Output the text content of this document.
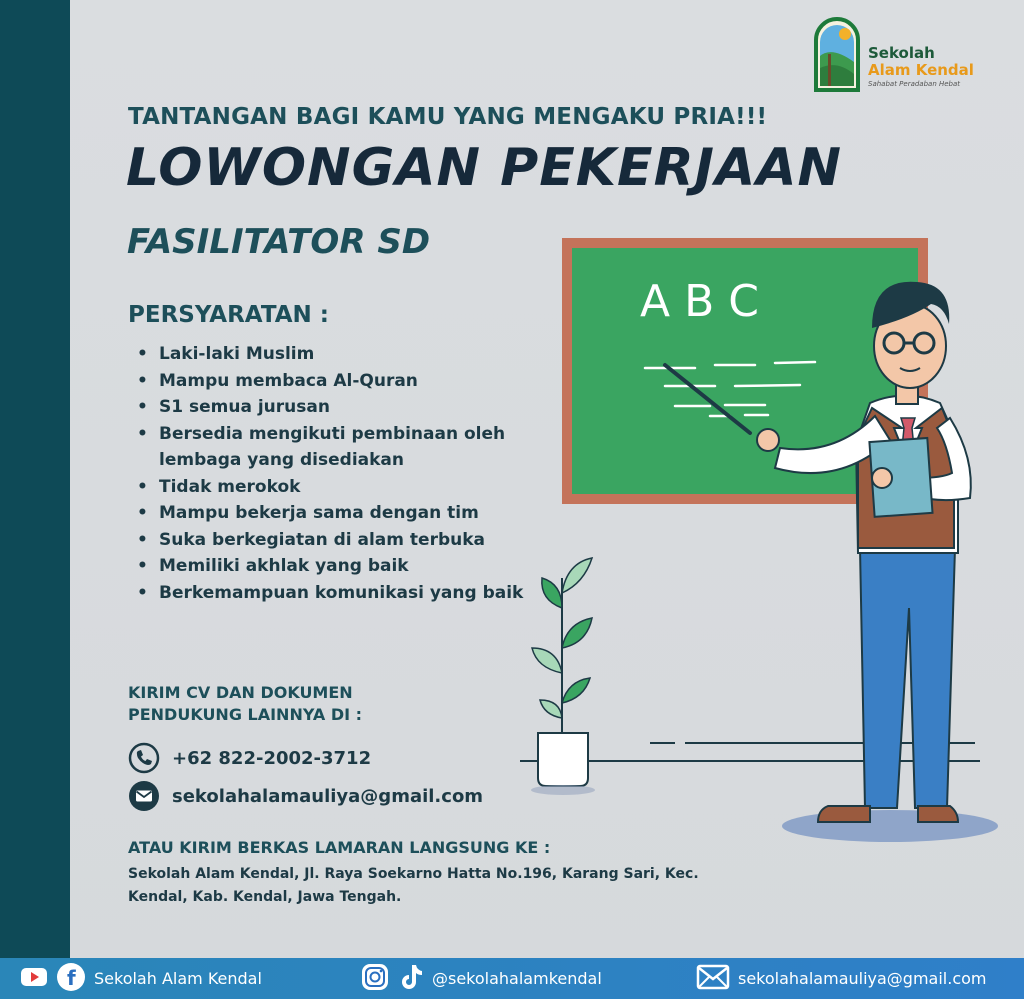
Sekolah
Alam Kendal
Sahabat Peradaban Hebat
TANTANGAN BAGI KAMU YANG MENGAKU PRIA!!!
LOWONGAN PEKERJAAN
FASILITATOR SD
PERSYARATAN :
• Laki-laki Muslim
• Mampu membaca Al-Quran
• S1 semua jurusan
• Bersedia mengikuti pembinaan oleh lembaga yang disediakan
• Tidak merokok
• Mampu bekerja sama dengan tim
• Suka berkegiatan di alam terbuka
• Memiliki akhlak yang baik
• Berkemampuan komunikasi yang baik
KIRIM CV DAN DOKUMEN
PENDUKUNG LAINNYA DI :
+62 822-2002-3712
sekolahalamauliya@gmail.com
ATAU KIRIM BERKAS LAMARAN LANGSUNG KE :
Sekolah Alam Kendal, Jl. Raya Soekarno Hatta No.196, Karang Sari, Kec. Kendal, Kab. Kendal, Jawa Tengah.
A B C
f Sekolah Alam Kendal	@sekolahalamkendal	sekolahalamauliya@gmail.com
